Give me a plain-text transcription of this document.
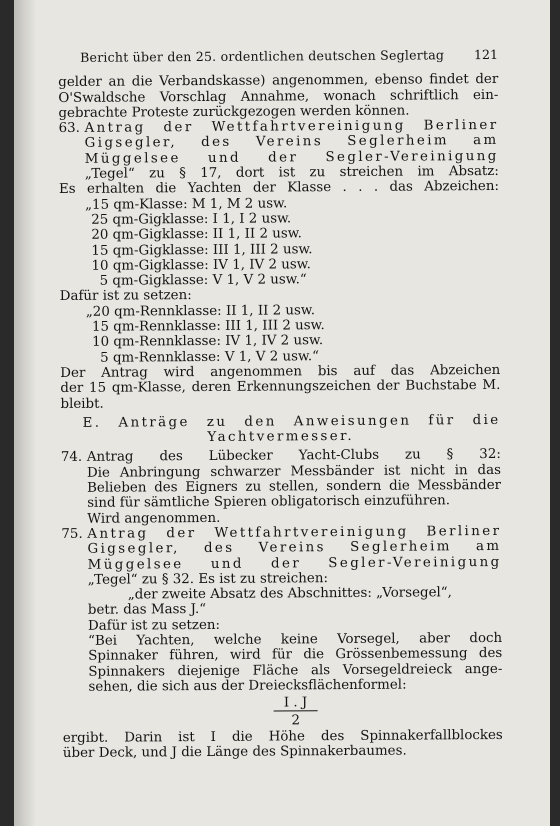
Bericht über den 25. ordentlichen deutschen Seglertag 121
gelder an die Verbandskasse) angenommen, ebenso findet der
O'Swaldsche Vorschlag Annahme, wonach schriftlich ein-
gebrachte Proteste zurückgezogen werden können.
63. Antrag der Wettfahrtvereinigung Berliner
Gigsegler, des Vereins Seglerheim am
Müggelsee und der Segler-Vereinigung
„Tegel“ zu § 17, dort ist zu streichen im Absatz:
Es erhalten die Yachten der Klasse . . . das Abzeichen:
„15 qm-Klasse: M 1, M 2 usw.
25 qm-Gigklasse: I 1, I 2 usw.
20 qm-Gigklasse: II 1, II 2 usw.
15 qm-Gigklasse: III 1, III 2 usw.
10 qm-Gigklasse: IV 1, IV 2 usw.
5 qm-Gigklasse: V 1, V 2 usw.“
Dafür ist zu setzen:
„20 qm-Rennklasse: II 1, II 2 usw.
15 qm-Rennklasse: III 1, III 2 usw.
10 qm-Rennklasse: IV 1, IV 2 usw.
5 qm-Rennklasse: V 1, V 2 usw.“
Der Antrag wird angenommen bis auf das Abzeichen
der 15 qm-Klasse, deren Erkennungszeichen der Buchstabe M.
bleibt.
E. Anträge zu den Anweisungen für die
Yachtvermesser.
74. Antrag des Lübecker Yacht-Clubs zu § 32:
Die Anbringung schwarzer Messbänder ist nicht in das
Belieben des Eigners zu stellen, sondern die Messbänder
sind für sämtliche Spieren obligatorisch einzuführen.
Wird angenommen.
75. Antrag der Wettfahrtvereinigung Berliner
Gigsegler, des Vereins Seglerheim am
Müggelsee und der Segler-Vereinigung
„Tegel“ zu § 32. Es ist zu streichen:
„der zweite Absatz des Abschnittes: „Vorsegel“,
betr. das Mass J.“
Dafür ist zu setzen:
“Bei Yachten, welche keine Vorsegel, aber doch
Spinnaker führen, wird für die Grössenbemessung des
Spinnakers diejenige Fläche als Vorsegeldreieck ange-
sehen, die sich aus der Dreiecksflächenformel:
I . J
2
ergibt. Darin ist I die Höhe des Spinnakerfallblockes
über Deck, und J die Länge des Spinnakerbaumes.
